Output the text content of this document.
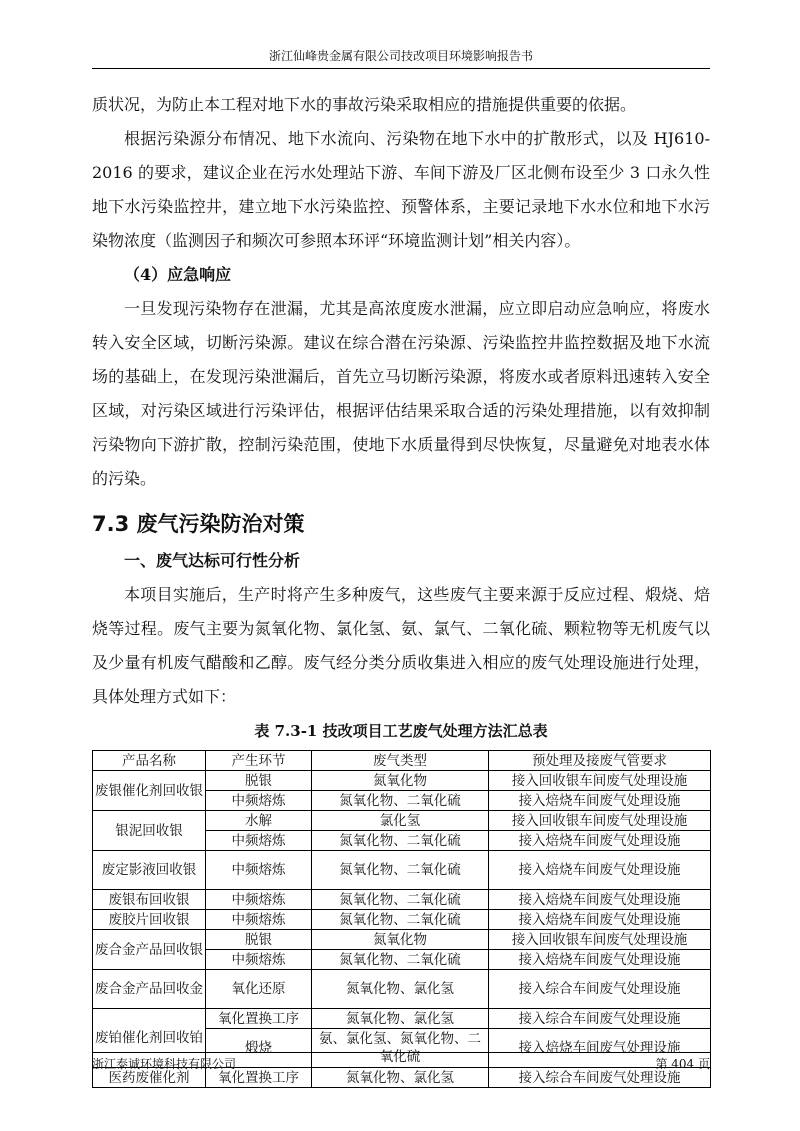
浙江仙峰贵金属有限公司技改项目环境影响报告书

质状况，为防止本工程对地下水的事故污染采取相应的措施提供重要的依据。

根据污染源分布情况、地下水流向、污染物在地下水中的扩散形式，以及 HJ610-2016 的要求，建议企业在污水处理站下游、车间下游及厂区北侧布设至少 3 口永久性地下水污染监控井，建立地下水污染监控、预警体系，主要记录地下水水位和地下水污染物浓度（监测因子和频次可参照本环评“环境监测计划”相关内容）。

（4）应急响应

一旦发现污染物存在泄漏，尤其是高浓度废水泄漏，应立即启动应急响应，将废水转入安全区域，切断污染源。建议在综合潜在污染源、污染监控井监控数据及地下水流场的基础上，在发现污染泄漏后，首先立马切断污染源，将废水或者原料迅速转入安全区域，对污染区域进行污染评估，根据评估结果采取合适的污染处理措施，以有效抑制污染物向下游扩散，控制污染范围，使地下水质量得到尽快恢复，尽量避免对地表水体的污染。

7.3 废气污染防治对策

一、废气达标可行性分析

本项目实施后，生产时将产生多种废气，这些废气主要来源于反应过程、煅烧、焙烧等过程。废气主要为氮氧化物、氯化氢、氨、氯气、二氧化硫、颗粒物等无机废气以及少量有机废气醋酸和乙醇。废气经分类分质收集进入相应的废气处理设施进行处理，具体处理方式如下：

表 7.3-1 技改项目工艺废气处理方法汇总表
产品名称	产生环节	废气类型	预处理及接废气管要求
废银催化剂回收银	脱银	氮氧化物	接入回收银车间废气处理设施
	中频熔炼	氮氧化物、二氧化硫	接入焙烧车间废气处理设施
银泥回收银	水解	氯化氢	接入回收银车间废气处理设施
	中频熔炼	氮氧化物、二氧化硫	接入焙烧车间废气处理设施
废定影液回收银	中频熔炼	氮氧化物、二氧化硫	接入焙烧车间废气处理设施
废银布回收银	中频熔炼	氮氧化物、二氧化硫	接入焙烧车间废气处理设施
废胶片回收银	中频熔炼	氮氧化物、二氧化硫	接入焙烧车间废气处理设施
废合金产品回收银	脱银	氮氧化物	接入回收银车间废气处理设施
	中频熔炼	氮氧化物、二氧化硫	接入焙烧车间废气处理设施
废合金产品回收金	氧化还原	氮氧化物、氯化氢	接入综合车间废气处理设施
废铂催化剂回收铂	氧化置换工序	氮氧化物、氯化氢	接入综合车间废气处理设施
	煅烧	氨、氯化氢、氮氧化物、二氧化硫	接入焙烧车间废气处理设施
医药废催化剂	氧化置换工序	氮氧化物、氯化氢	接入综合车间废气处理设施
浙江泰诚环境科技有限公司	第 404 页
